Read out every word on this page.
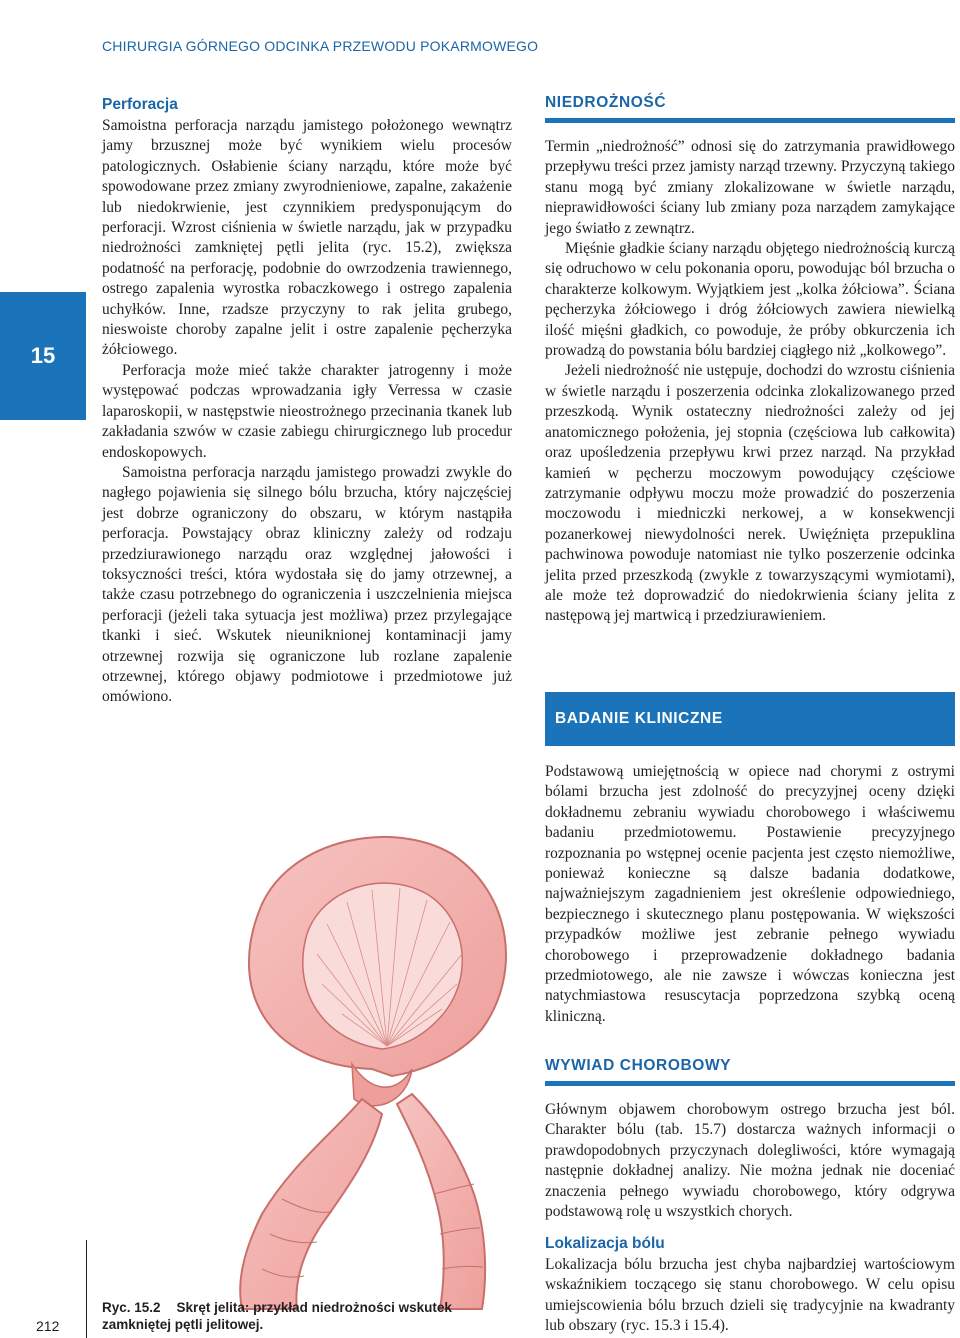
CHIRURGIA GÓRNEGO ODCINKA PRZEWODU POKARMOWEGO
15
Perforacja

Samoistna perforacja narządu jamistego położonego wewnątrz jamy brzusznej może być wynikiem wielu procesów patologicznych. Osłabienie ściany narządu, które może być spowodowane przez zmiany zwyrodnieniowe, zapalne, zakażenie lub niedokrwienie, jest czynnikiem predysponującym do perforacji. Wzrost ciśnienia w świetle narządu, jak w przypadku niedrożności zamkniętej pętli jelita (ryc. 15.2), zwiększa podatność na perforację, podobnie do owrzodzenia trawiennego, ostrego zapalenia wyrostka robaczkowego i ostrego zapalenia uchyłków. Inne, rzadsze przyczyny to rak jelita grubego, nieswoiste choroby zapalne jelit i ostre zapalenie pęcherzyka żółciowego.

Perforacja może mieć także charakter jatrogenny i może występować podczas wprowadzania igły Verressa w czasie laparoskopii, w następstwie nieostrożnego przecinania tkanek lub zakładania szwów w czasie zabiegu chirurgicznego lub procedur endoskopowych.

Samoistna perforacja narządu jamistego prowadzi zwykle do nagłego pojawienia się silnego bólu brzucha, który najczęściej jest dobrze ograniczony do obszaru, w którym nastąpiła perforacja. Powstający obraz kliniczny zależy od rodzaju przedziurawionego narządu oraz względnej jałowości i toksyczności treści, która wydostała się do jamy otrzewnej, a także czasu potrzebnego do ograniczenia i uszczelnienia miejsca perforacji (jeżeli taka sytuacja jest możliwa) przez przylegające tkanki i sieć. Wskutek nieuniknionej kontaminacji jamy otrzewnej rozwija się ograniczone lub rozlane zapalenie otrzewnej, którego objawy podmiotowe i przedmiotowe już omówiono.

Ryc. 15.2 Skręt jelita: przykład niedrożności wskutek zamkniętej pętli jelitowej.
NIEDROŻNOŚĆ

Termin „niedrożność” odnosi się do zatrzymania prawidłowego przepływu treści przez jamisty narząd trzewny. Przyczyną takiego stanu mogą być zmiany zlokalizowane w świetle narządu, nieprawidłowości ściany lub zmiany poza narządem zamykające jego światło z zewnątrz.

Mięśnie gładkie ściany narządu objętego niedrożnością kurczą się odruchowo w celu pokonania oporu, powodując ból brzucha o charakterze kolkowym. Wyjątkiem jest „kolka żółciowa”. Ściana pęcherzyka żółciowego i dróg żółciowych zawiera niewielką ilość mięśni gładkich, co powoduje, że próby obkurczenia ich prowadzą do powstania bólu bardziej ciągłego niż „kolkowego”.

Jeżeli niedrożność nie ustępuje, dochodzi do wzrostu ciśnienia w świetle narządu i poszerzenia odcinka zlokalizowanego przed przeszkodą. Wynik ostateczny niedrożności zależy od jej anatomicznego położenia, jej stopnia (częściowa lub całkowita) oraz upośledzenia przepływu krwi przez narząd. Na przykład kamień w pęcherzu moczowym powodujący częściowe zatrzymanie odpływu moczu może prowadzić do poszerzenia moczowodu i miedniczki nerkowej, a w konsekwencji pozanerkowej niewydolności nerek. Uwięźnięta przepuklina pachwinowa powoduje natomiast nie tylko poszerzenie odcinka jelita przed przeszkodą (zwykle z towarzyszącymi wymiotami), ale może też doprowadzić do niedokrwienia ściany jelita z następową jej martwicą i przedziurawieniem.

BADANIE KLINICZNE

Podstawową umiejętnością w opiece nad chorymi z ostrymi bólami brzucha jest zdolność do precyzyjnej oceny dzięki dokładnemu zebraniu wywiadu chorobowego i właściwemu badaniu przedmiotowemu. Postawienie precyzyjnego rozpoznania po wstępnej ocenie pacjenta jest często niemożliwe, ponieważ konieczne są dalsze badania dodatkowe, najważniejszym zagadnieniem jest określenie odpowiedniego, bezpiecznego i skutecznego planu postępowania. W większości przypadków możliwe jest zebranie pełnego wywiadu chorobowego i przeprowadzenie dokładnego badania przedmiotowego, ale nie zawsze i wówczas konieczna jest natychmiastowa resuscytacja poprzedzona szybką oceną kliniczną.

WYWIAD CHOROBOWY

Głównym objawem chorobowym ostrego brzucha jest ból. Charakter bólu (tab. 15.7) dostarcza ważnych informacji o prawdopodobnych przyczynach dolegliwości, które wymagają następnie dokładnej analizy. Nie można jednak nie doceniać znaczenia pełnego wywiadu chorobowego, który odgrywa podstawową rolę u wszystkich chorych.

Lokalizacja bólu

Lokalizacja bólu brzucha jest chyba najbardziej wartościowym wskaźnikiem toczącego się stanu chorobowego. W celu opisu umiejscowienia bólu brzuch dzieli się tradycyjnie na kwadranty lub obszary (ryc. 15.3 i 15.4).

212
